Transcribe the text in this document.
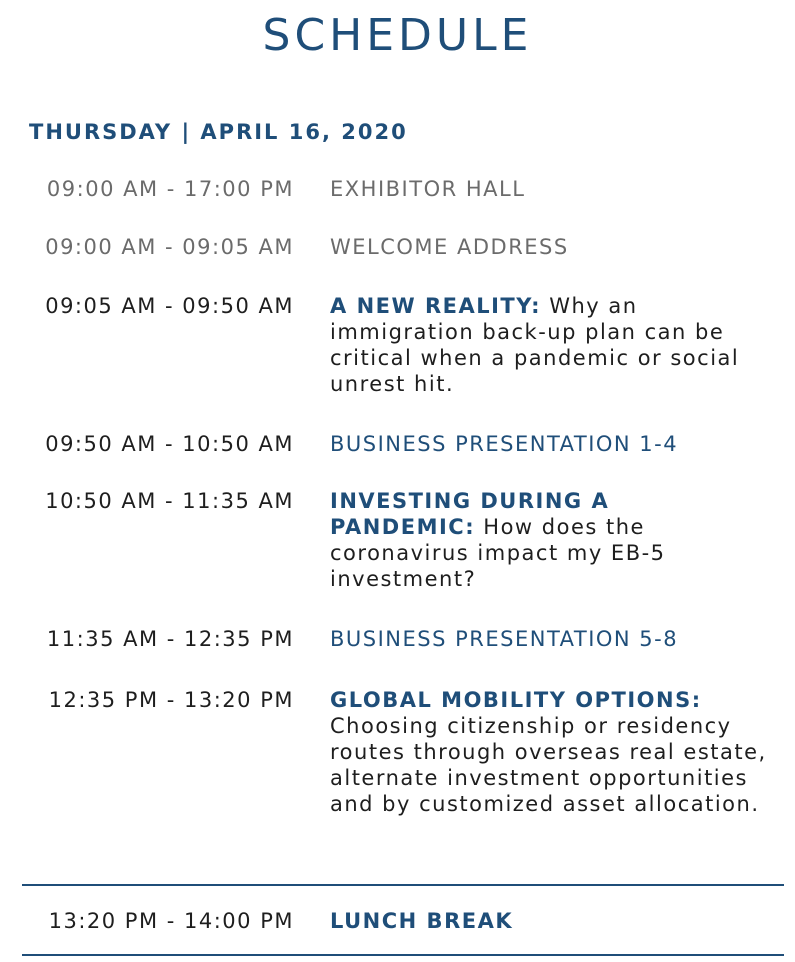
SCHEDULE
THURSDAY | APRIL 16, 2020
09:00 AM - 17:00 PM EXHIBITOR HALL
09:00 AM - 09:05 AM WELCOME ADDRESS
09:05 AM - 09:50 AM A NEW REALITY: Why an immigration back-up plan can be critical when a pandemic or social unrest hit.
09:50 AM - 10:50 AM BUSINESS PRESENTATION 1-4
10:50 AM - 11:35 AM INVESTING DURING A PANDEMIC: How does the coronavirus impact my EB-5 investment?
11:35 AM - 12:35 PM BUSINESS PRESENTATION 5-8
12:35 PM - 13:20 PM GLOBAL MOBILITY OPTIONS: Choosing citizenship or residency routes through overseas real estate, alternate investment opportunities and by customized asset allocation.
13:20 PM - 14:00 PM LUNCH BREAK
